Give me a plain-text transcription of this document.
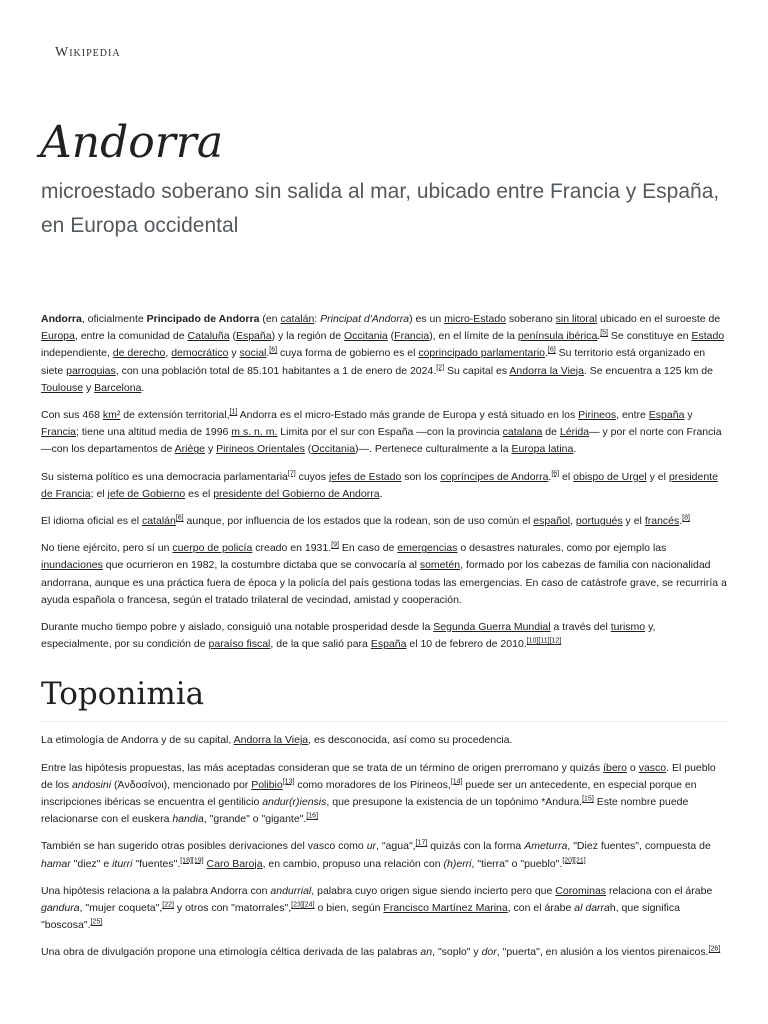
Wikipedia
Andorra

microestado soberano sin salida al mar, ubicado entre Francia y España, en Europa occidental

Andorra, oficialmente Principado de Andorra (en catalán: Principat d'Andorra) es un micro-Estado soberano sin litoral ubicado en el suroeste de Europa, entre la comunidad de Cataluña (España) y la región de Occitania (Francia), en el límite de la península ibérica.[5] Se constituye en Estado independiente, de derecho, democrático y social.[6] cuya forma de gobierno es el coprincipado parlamentario.[6] Su territorio está organizado en siete parroquias, con una población total de 85.101 habitantes a 1 de enero de 2024.[2] Su capital es Andorra la Vieja. Se encuentra a 125 km de Toulouse y Barcelona.

Con sus 468 km² de extensión territorial,[1] Andorra es el micro-Estado más grande de Europa y está situado en los Pirineos, entre España y Francia; tiene una altitud media de 1996 m s. n. m. Limita por el sur con España —con la provincia catalana de Lérida— y por el norte con Francia —con los departamentos de Ariège y Pirineos Orientales (Occitania)—. Pertenece culturalmente a la Europa latina.

Su sistema político es una democracia parlamentaria[7] cuyos jefes de Estado son los copríncipes de Andorra.[6] el obispo de Urgel y el presidente de Francia; el jefe de Gobierno es el presidente del Gobierno de Andorra.

El idioma oficial es el catalán[6] aunque, por influencia de los estados que la rodean, son de uso común el español, portugués y el francés.[8]

No tiene ejército, pero sí un cuerpo de policía creado en 1931.[9] En caso de emergencias o desastres naturales, como por ejemplo las inundaciones que ocurrieron en 1982, la costumbre dictaba que se convocaría al sometén, formado por los cabezas de familia con nacionalidad andorrana, aunque es una práctica fuera de época y la policía del país gestiona todas las emergencias. En caso de catástrofe grave, se recurriría a ayuda española o francesa, según el tratado trilateral de vecindad, amistad y cooperación.

Durante mucho tiempo pobre y aislado, consiguió una notable prosperidad desde la Segunda Guerra Mundial a través del turismo y, especialmente, por su condición de paraíso fiscal, de la que salió para España el 10 de febrero de 2010.[10][11][12]

Toponimia

La etimología de Andorra y de su capital, Andorra la Vieja, es desconocida, así como su procedencia.

Entre las hipótesis propuestas, las más aceptadas consideran que se trata de un término de origen prerromano y quizás íbero o vasco. El pueblo de los andosini (Ἀνδοσίνοι), mencionado por Polibio[13] como moradores de los Pirineos,[14] puede ser un antecedente, en especial porque en inscripciones ibéricas se encuentra el gentilicio andur(r)iensis, que presupone la existencia de un topónimo *Andura.[15] Este nombre puede relacionarse con el euskera handia, "grande" o "gigante".[16]

También se han sugerido otras posibles derivaciones del vasco como ur, "agua",[17] quizás con la forma Ameturra, "Diez fuentes", compuesta de hamar "diez" e iturri "fuentes".[18][19] Caro Baroja, en cambio, propuso una relación con (h)erri, "tierra" o "pueblo".[20][21]

Una hipótesis relaciona a la palabra Andorra con andurrial, palabra cuyo origen sigue siendo incierto pero que Corominas relaciona con el árabe gandura, "mujer coqueta",[22] y otros con "matorrales",[23][24] o bien, según Francisco Martínez Marina, con el árabe al darrah, que significa "boscosa".[25]

Una obra de divulgación propone una etimología céltica derivada de las palabras an, "soplo" y dor, "puerta", en alusión a los vientos pirenaicos.[26]
